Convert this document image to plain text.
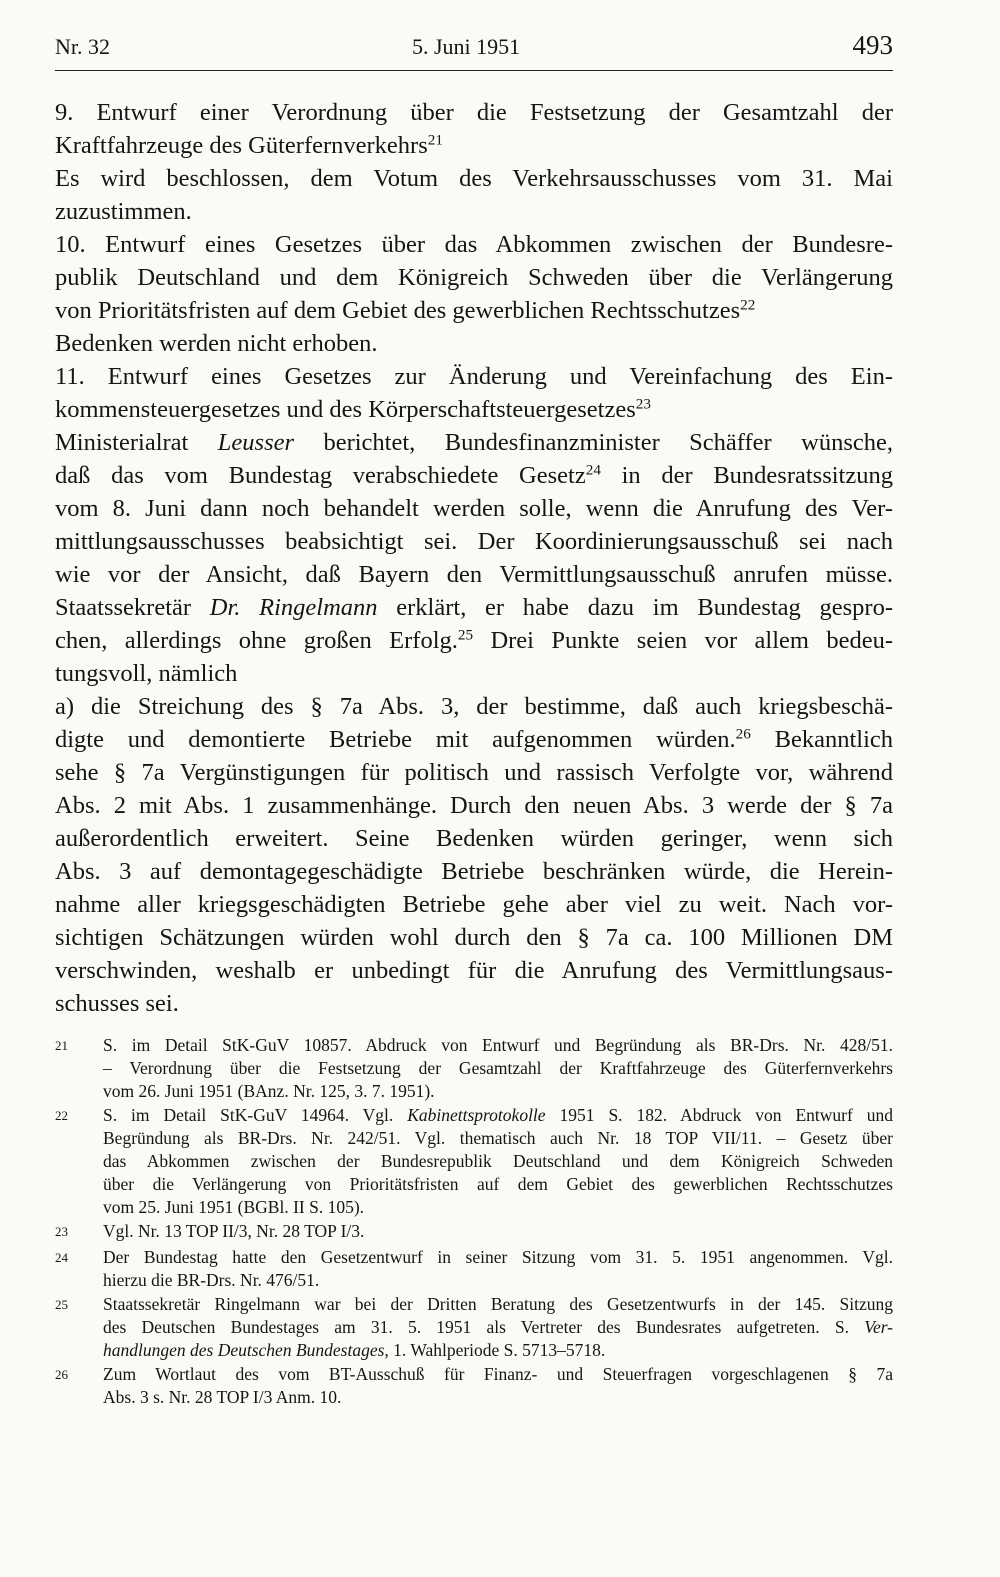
Nr. 32	5. Juni 1951	493
9. Entwurf einer Verordnung über die Festsetzung der Gesamtzahl der
Kraftfahrzeuge des Güterfernverkehrs$^{21}$
Es wird beschlossen, dem Votum des Verkehrsausschusses vom 31. Mai
zuzustimmen.
10. Entwurf eines Gesetzes über das Abkommen zwischen der Bundesre-
publik Deutschland und dem Königreich Schweden über die Verlängerung
von Prioritätsfristen auf dem Gebiet des gewerblichen Rechtsschutzes$^{22}$
Bedenken werden nicht erhoben.
11. Entwurf eines Gesetzes zur Änderung und Vereinfachung des Ein-
kommensteuergesetzes und des Körperschaftsteuergesetzes$^{23}$
Ministerialrat Leusser berichtet, Bundesfinanzminister Schäffer wünsche,
daß das vom Bundestag verabschiedete Gesetz$^{24}$ in der Bundesratssitzung
vom 8. Juni dann noch behandelt werden solle, wenn die Anrufung des Ver-
mittlungsausschusses beabsichtigt sei. Der Koordinierungsausschuß sei nach
wie vor der Ansicht, daß Bayern den Vermittlungsausschuß anrufen müsse.
Staatssekretär Dr. Ringelmann erklärt, er habe dazu im Bundestag gespro-
chen, allerdings ohne großen Erfolg.$^{25}$ Drei Punkte seien vor allem bedeu-
tungsvoll, nämlich
a) die Streichung des § 7a Abs. 3, der bestimme, daß auch kriegsbeschä-
digte und demontierte Betriebe mit aufgenommen würden.$^{26}$ Bekanntlich
sehe § 7a Vergünstigungen für politisch und rassisch Verfolgte vor, während
Abs. 2 mit Abs. 1 zusammenhänge. Durch den neuen Abs. 3 werde der § 7a
außerordentlich erweitert. Seine Bedenken würden geringer, wenn sich
Abs. 3 auf demontagegeschädigte Betriebe beschränken würde, die Herein-
nahme aller kriegsgeschädigten Betriebe gehe aber viel zu weit. Nach vor-
sichtigen Schätzungen würden wohl durch den § 7a ca. 100 Millionen DM
verschwinden, weshalb er unbedingt für die Anrufung des Vermittlungsaus-
schusses sei.
21 S. im Detail StK-GuV 10857. Abdruck von Entwurf und Begründung als BR-Drs. Nr. 428/51.
– Verordnung über die Festsetzung der Gesamtzahl der Kraftfahrzeuge des Güterfernverkehrs
vom 26. Juni 1951 (BAnz. Nr. 125, 3. 7. 1951).
22 S. im Detail StK-GuV 14964. Vgl. Kabinettsprotokolle 1951 S. 182. Abdruck von Entwurf und
Begründung als BR-Drs. Nr. 242/51. Vgl. thematisch auch Nr. 18 TOP VII/11. – Gesetz über
das Abkommen zwischen der Bundesrepublik Deutschland und dem Königreich Schweden
über die Verlängerung von Prioritätsfristen auf dem Gebiet des gewerblichen Rechtsschutzes
vom 25. Juni 1951 (BGBl. II S. 105).
23 Vgl. Nr. 13 TOP II/3, Nr. 28 TOP I/3.
24 Der Bundestag hatte den Gesetzentwurf in seiner Sitzung vom 31. 5. 1951 angenommen. Vgl.
hierzu die BR-Drs. Nr. 476/51.
25 Staatssekretär Ringelmann war bei der Dritten Beratung des Gesetzentwurfs in der 145. Sitzung
des Deutschen Bundestages am 31. 5. 1951 als Vertreter des Bundesrates aufgetreten. S. Ver-
handlungen des Deutschen Bundestages, 1. Wahlperiode S. 5713–5718.
26 Zum Wortlaut des vom BT-Ausschuß für Finanz- und Steuerfragen vorgeschlagenen § 7a
Abs. 3 s. Nr. 28 TOP I/3 Anm. 10.
